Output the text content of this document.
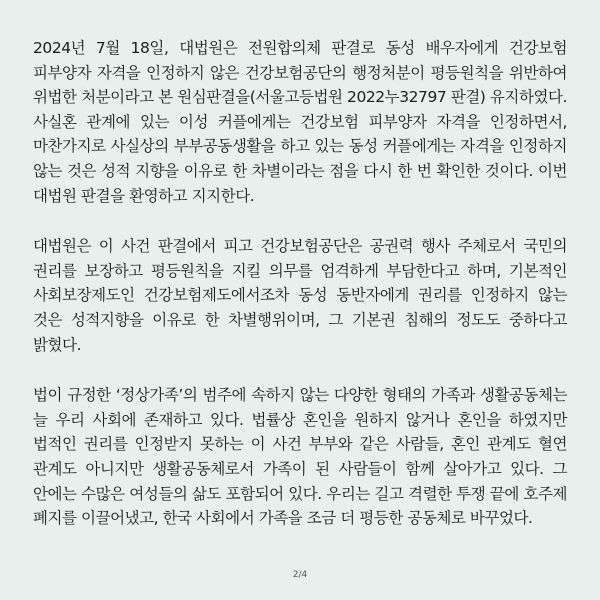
2024년 7월 18일, 대법원은 전원합의체 판결로 동성 배우자에게 건강보험 피부양자 자격을 인정하지 않은 건강보험공단의 행정처분이 평등원칙을 위반하여 위법한 처분이라고 본 원심판결을(서울고등법원 2022누32797 판결) 유지하였다. 사실혼 관계에 있는 이성 커플에게는 건강보험 피부양자 자격을 인정하면서, 마찬가지로 사실상의 부부공동생활을 하고 있는 동성 커플에게는 자격을 인정하지 않는 것은 성적 지향을 이유로 한 차별이라는 점을 다시 한 번 확인한 것이다. 이번 대법원 판결을 환영하고 지지한다.

대법원은 이 사건 판결에서 피고 건강보험공단은 공권력 행사 주체로서 국민의 권리를 보장하고 평등원칙을 지킬 의무를 엄격하게 부담한다고 하며, 기본적인 사회보장제도인 건강보험제도에서조차 동성 동반자에게 권리를 인정하지 않는 것은 성적지향을 이유로 한 차별행위이며, 그 기본권 침해의 정도도 중하다고 밝혔다.

법이 규정한 ‘정상가족’의 범주에 속하지 않는 다양한 형태의 가족과 생활공동체는 늘 우리 사회에 존재하고 있다. 법률상 혼인을 원하지 않거나 혼인을 하였지만 법적인 권리를 인정받지 못하는 이 사건 부부와 같은 사람들, 혼인 관계도 혈연 관계도 아니지만 생활공동체로서 가족이 된 사람들이 함께 살아가고 있다. 그 안에는 수많은 여성들의 삶도 포함되어 있다. 우리는 길고 격렬한 투쟁 끝에 호주제 폐지를 이끌어냈고, 한국 사회에서 가족을 조금 더 평등한 공동체로 바꾸었다.

2/4
